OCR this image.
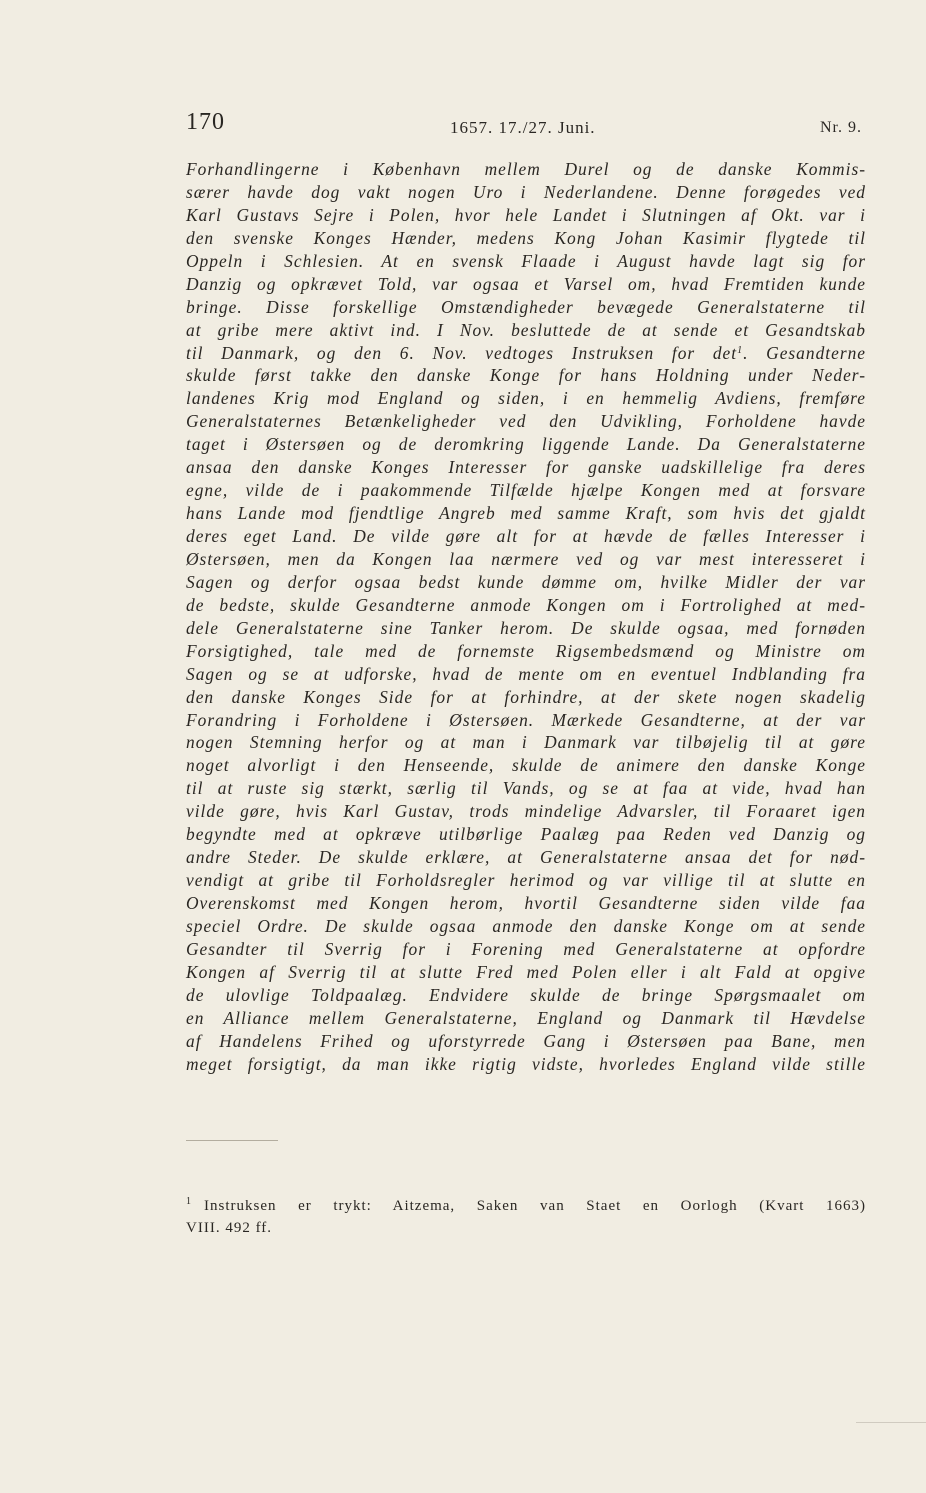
170	1657. 17./27. Juni.	Nr. 9.
Forhandlingerne i København mellem Durel og de danske Kommis-
særer havde dog vakt nogen Uro i Nederlandene. Denne forøgedes ved
Karl Gustavs Sejre i Polen, hvor hele Landet i Slutningen af Okt. var i
den svenske Konges Hænder, medens Kong Johan Kasimir flygtede til
Oppeln i Schlesien. At en svensk Flaade i August havde lagt sig for
Danzig og opkrævet Told, var ogsaa et Varsel om, hvad Fremtiden kunde
bringe. Disse forskellige Omstændigheder bevægede Generalstaterne til
at gribe mere aktivt ind. I Nov. besluttede de at sende et Gesandtskab
til Danmark, og den 6. Nov. vedtoges Instruksen for $\det^1$. Gesandterne
skulde først takke den danske Konge for hans Holdning under Neder-
landenes Krig mod England og siden, i en hemmelig Avdiens, fremføre
Generalstaternes Betænkeligheder ved den Udvikling, Forholdene havde
taget i Østersøen og de deromkring liggende Lande. Da Generalstaterne
ansaa den danske Konges Interesser for ganske uadskillelige fra deres
egne, vilde de i paakommende Tilfælde hjælpe Kongen med at forsvare
hans Lande mod fjendtlige Angreb med samme Kraft, som hvis det gjaldt
deres eget Land. De vilde gøre alt for at hævde de fælles Interesser i
Østersøen, men da Kongen laa nærmere ved og var mest interesseret i
Sagen og derfor ogsaa bedst kunde dømme om, hvilke Midler der var
de bedste, skulde Gesandterne anmode Kongen om i Fortrolighed at med-
dele Generalstaterne sine Tanker herom. De skulde ogsaa, med fornøden
Forsigtighed, tale med de fornemste Rigsembedsmænd og Ministre om
Sagen og se at udforske, hvad de mente om en eventuel Indblanding fra
den danske Konges Side for at forhindre, at der skete nogen skadelig
Forandring i Forholdene i Østersøen. Mærkede Gesandterne, at der var
nogen Stemning herfor og at man i Danmark var tilbøjelig til at gøre
noget alvorligt i den Henseende, skulde de animere den danske Konge
til at ruste sig stærkt, særlig til Vands, og se at faa at vide, hvad han
vilde gøre, hvis Karl Gustav, trods mindelige Advarsler, til Foraaret igen
begyndte med at opkræve utilbørlige Paalæg paa Reden ved Danzig og
andre Steder. De skulde erklære, at Generalstaterne ansaa det for nød-
vendigt at gribe til Forholdsregler herimod og var villige til at slutte en
Overenskomst med Kongen herom, hvortil Gesandterne siden vilde faa
speciel Ordre. De skulde ogsaa anmode den danske Konge om at sende
Gesandter til Sverrig for i Forening med Generalstaterne at opfordre
Kongen af Sverrig til at slutte Fred med Polen eller i alt Fald at opgive
de ulovlige Toldpaalæg. Endvidere skulde de bringe Spørgsmaalet om
en Alliance mellem Generalstaterne, England og Danmark til Hævdelse
af Handelens Frihed og uforstyrrede Gang i Østersøen paa Bane, men
meget forsigtigt, da man ikke rigtig vidste, hvorledes England vilde stille
$^1$ Instruksen er trykt: Aitzema, Saken van Staet en Oorlogh (Kvart 1663)
VIII. 492 ff.
